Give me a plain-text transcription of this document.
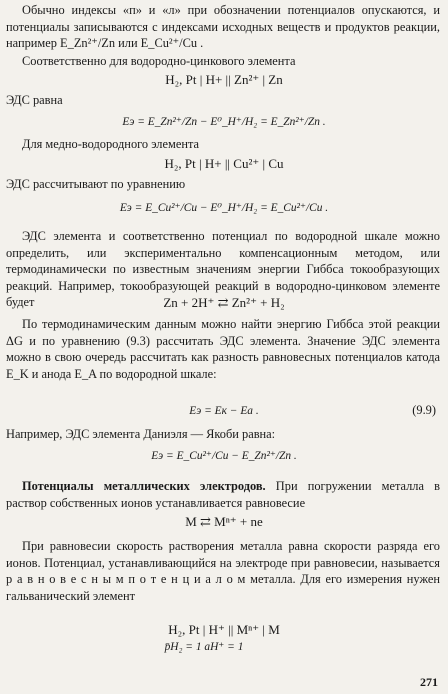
Обычно индексы «п» и «л» при обозначении потенциалов опускаются, и потенциалы записываются с индексами исходных веществ и продуктов реакции, например E_Zn²⁺/Zn или E_Cu²⁺/Cu .

Соответственно для водородно-цинкового элемента
H₂, Pt | H+ || Zn²⁺ | Zn
ЭДС равна
Eэ = E_Zn²⁺/Zn − E⁰_H⁺/H₂ = E_Zn²⁺/Zn .
Для медно-водородного элемента
H₂, Pt | H+ || Cu²⁺ | Cu
ЭДС рассчитывают по уравнению
Eэ = E_Cu²⁺/Cu − E⁰_H⁺/H₂ = E_Cu²⁺/Cu .

ЭДС элемента и соответственно потенциал по водородной шкале можно определить, или экспериментально компенсационным методом, или термодинамически по известным значениям энергии Гиббса токообразующих реакций. Например, токообразующей реакций в водородно-цинковом элементе будет	Zn + 2H⁺ ⇄ Zn²⁺ + H₂

По термодинамическим данным можно найти энергию Гиббса этой реакции ΔG и по уравнению (9.3) рассчитать ЭДС элемента. Значение ЭДС элемента можно в свою очередь рассчитать как разность равновесных потенциалов катода E_K и анода E_A по водородной шкале:

Eэ = Eк − Eа .	(9.9)
Например, ЭДС элемента Даниэля — Якоби равна:
Eэ = E_Cu²⁺/Cu − E_Zn²⁺/Zn .

Потенциалы металлических электродов. При погружении металла в раствор собственных ионов устанавливается равновесие

M ⇄ Mⁿ⁺ + ne

При равновесии скорость растворения металла равна скорости разряда его ионов. Потенциал, устанавливающийся на электроде при равновесии, называется р а в н о в е с н ы м п о т е н ц и а л о м металла. Для его измерения нужен гальванический элемент

H₂, Pt | H⁺ || Mⁿ⁺ | M
p̄H₂ = 1 aH⁺ = 1
271
